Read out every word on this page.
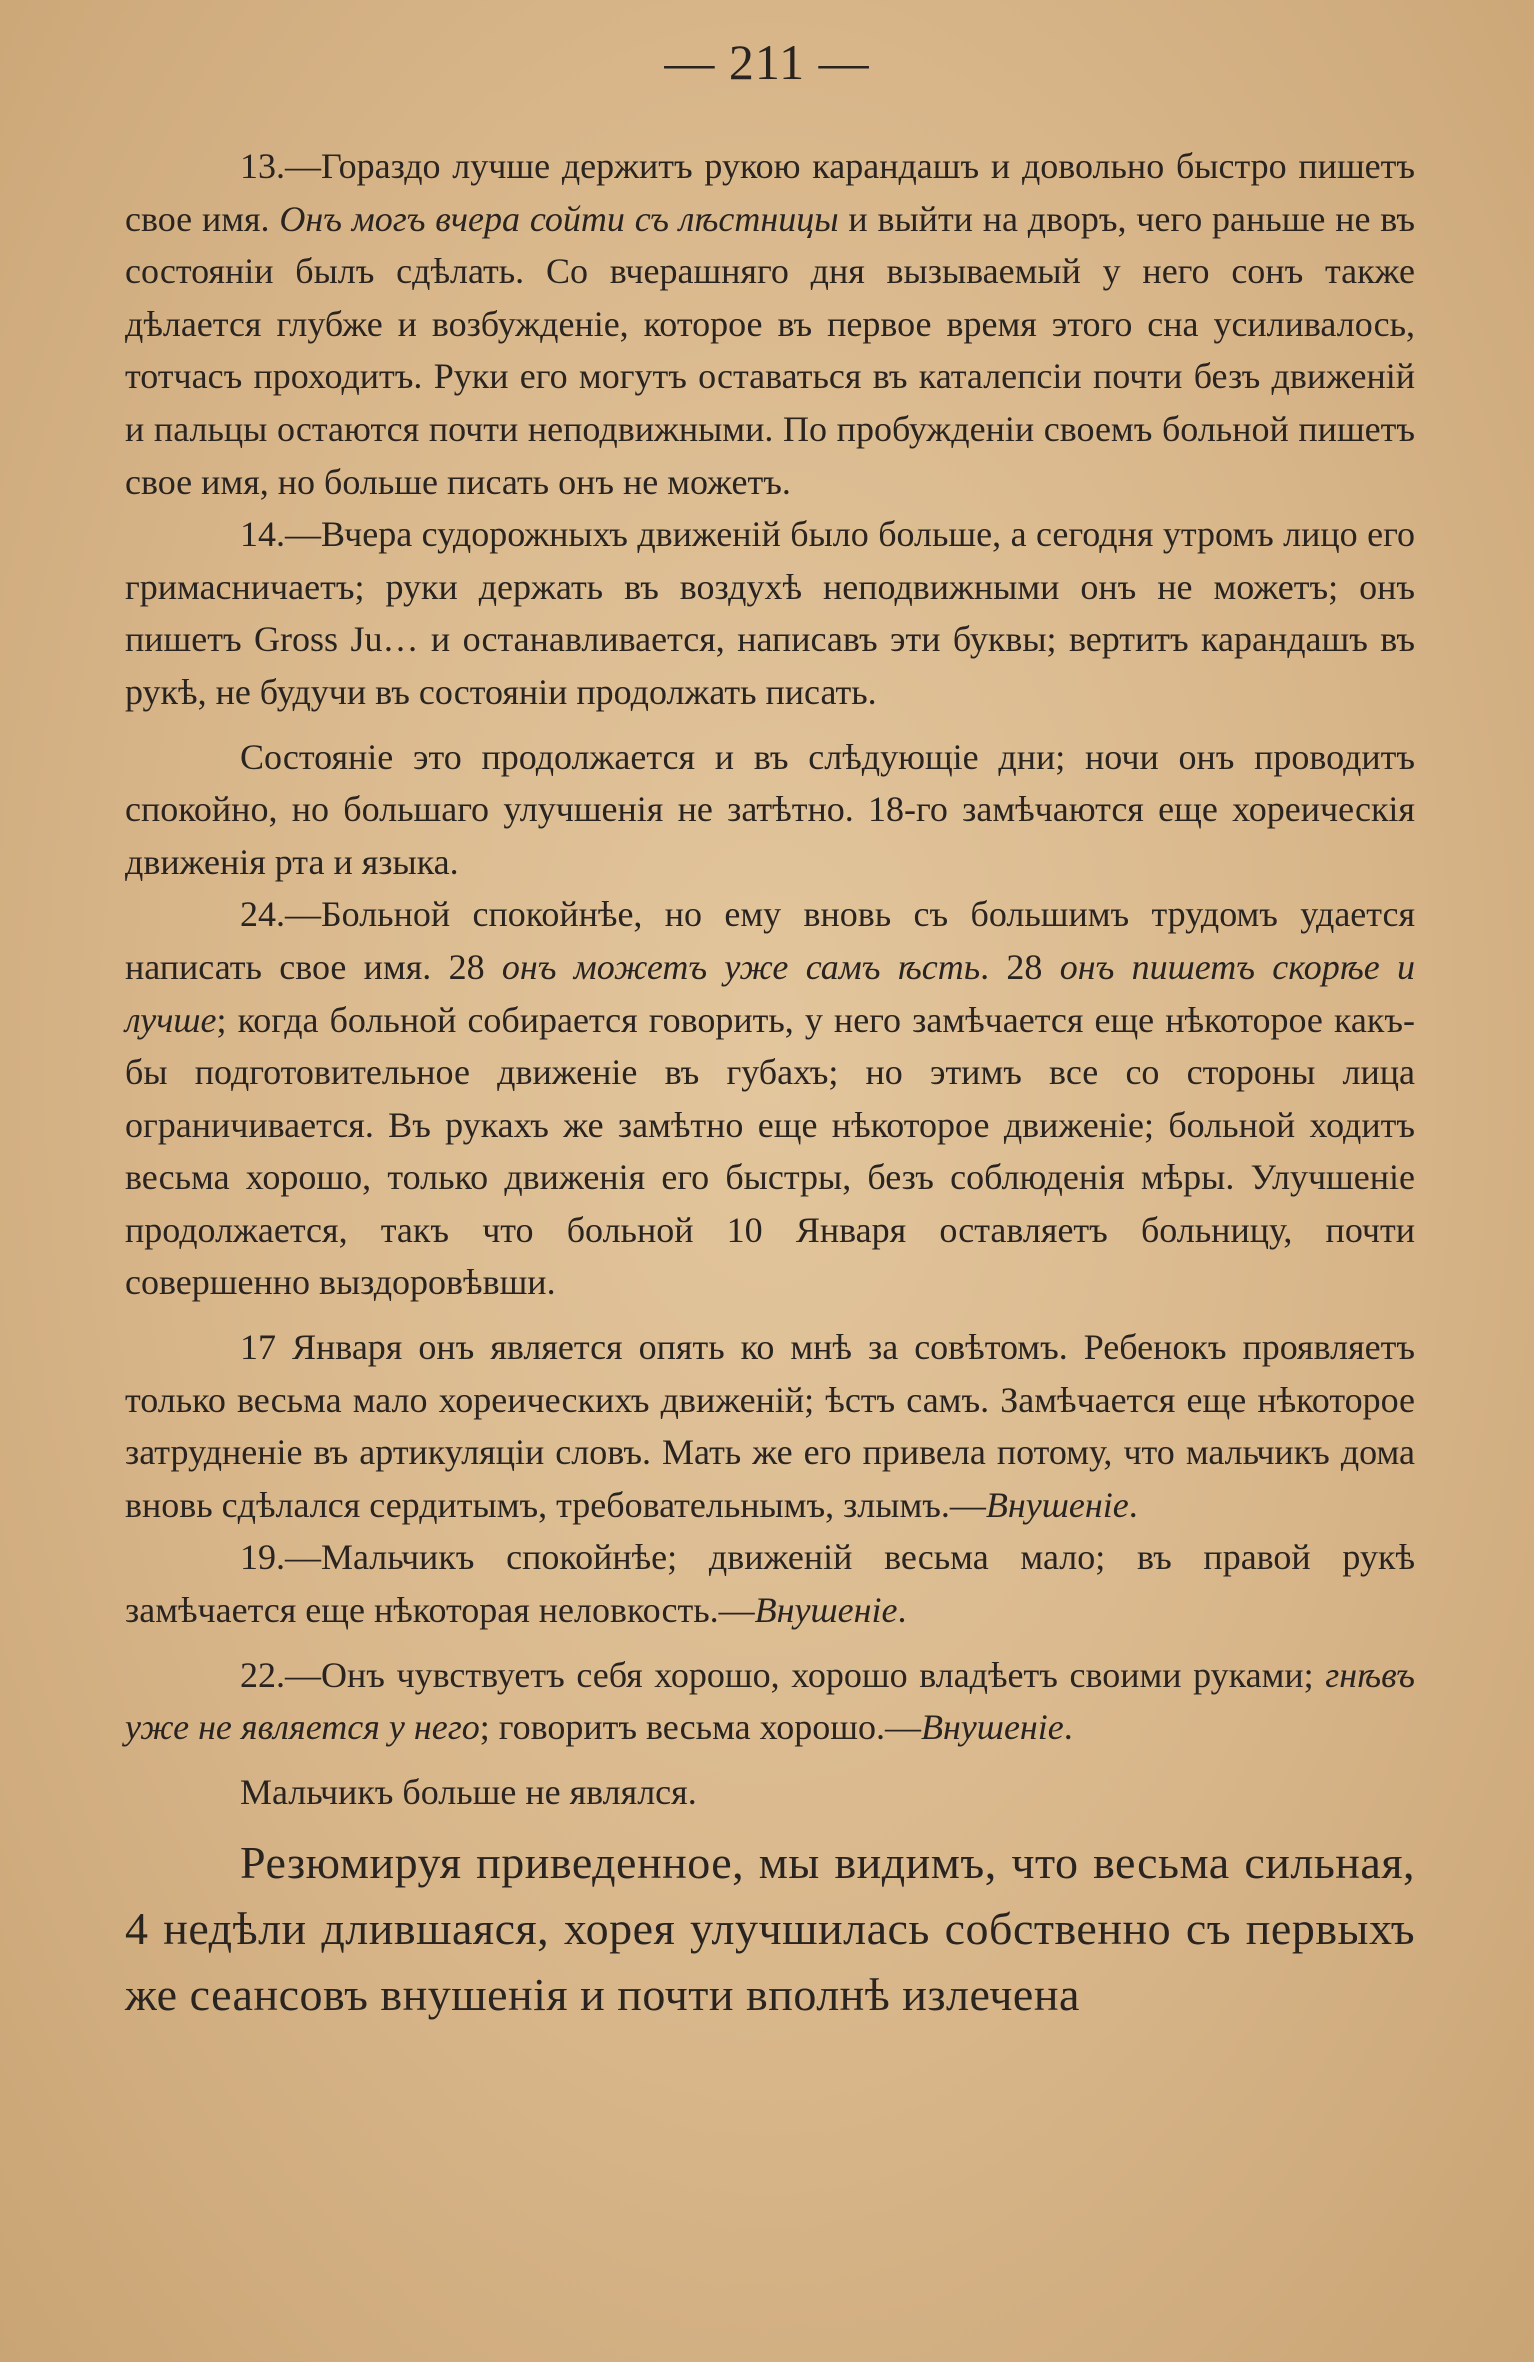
— 211 —

13.—Гораздо лучше держитъ рукою карандашъ и довольно быстро пишетъ свое имя. Онъ могъ вчера сойти съ лѣстницы и выйти на дворъ, чего раньше не въ состояніи былъ сдѣлать. Со вчерашняго дня вызываемый у него сонъ также дѣлается глубже и возбужденіе, которое въ первое время этого сна усиливалось, тотчасъ проходитъ. Руки его могутъ оставаться въ каталепсіи почти безъ движеній и пальцы остаются почти неподвижными. По пробужденіи своемъ больной пишетъ свое имя, но больше писать онъ не можетъ.

14.—Вчера судорожныхъ движеній было больше, а сегодня утромъ лицо его гримасничаетъ; руки держать въ воздухѣ неподвижными онъ не можетъ; онъ пишетъ Gross Ju… и останавливается, написавъ эти буквы; вертитъ карандашъ въ рукѣ, не будучи въ состояніи продолжать писать.

Состояніе это продолжается и въ слѣдующіе дни; ночи онъ проводитъ спокойно, но большаго улучшенія не затѣтно. 18-го замѣчаются еще хореическія движенія рта и языка.

24.—Больной спокойнѣе, но ему вновь съ большимъ трудомъ удается написать свое имя. 28 онъ можетъ уже самъ ѣсть. 28 онъ пишетъ скорѣе и лучше; когда больной собирается говорить, у него замѣчается еще нѣкоторое какъ-бы подготовительное движеніе въ губахъ; но этимъ все со стороны лица ограничивается. Въ рукахъ же замѣтно еще нѣкоторое движеніе; больной ходитъ весьма хорошо, только движенія его быстры, безъ соблюденія мѣры. Улучшеніе продолжается, такъ что больной 10 Января оставляетъ больницу, почти совершенно выздоровѣвши.

17 Января онъ является опять ко мнѣ за совѣтомъ. Ребенокъ проявляетъ только весьма мало хореическихъ движеній; ѣстъ самъ. Замѣчается еще нѣкоторое затрудненіе въ артикуляціи словъ. Мать же его привела потому, что мальчикъ дома вновь сдѣлался сердитымъ, требовательнымъ, злымъ.—Внушеніе.

19.—Мальчикъ спокойнѣе; движеній весьма мало; въ правой рукѣ замѣчается еще нѣкоторая неловкость.—Внушеніе.

22.—Онъ чувствуетъ себя хорошо, хорошо владѣетъ своими руками; гнѣвъ уже не является у него; говоритъ весьма хорошо.—Внушеніе.

Мальчикъ больше не являлся.

Резюмируя приведенное, мы видимъ, что весьма сильная, 4 недѣли длившаяся, хорея улучшилась собственно съ первыхъ же сеансовъ внушенія и почти вполнѣ излечена
